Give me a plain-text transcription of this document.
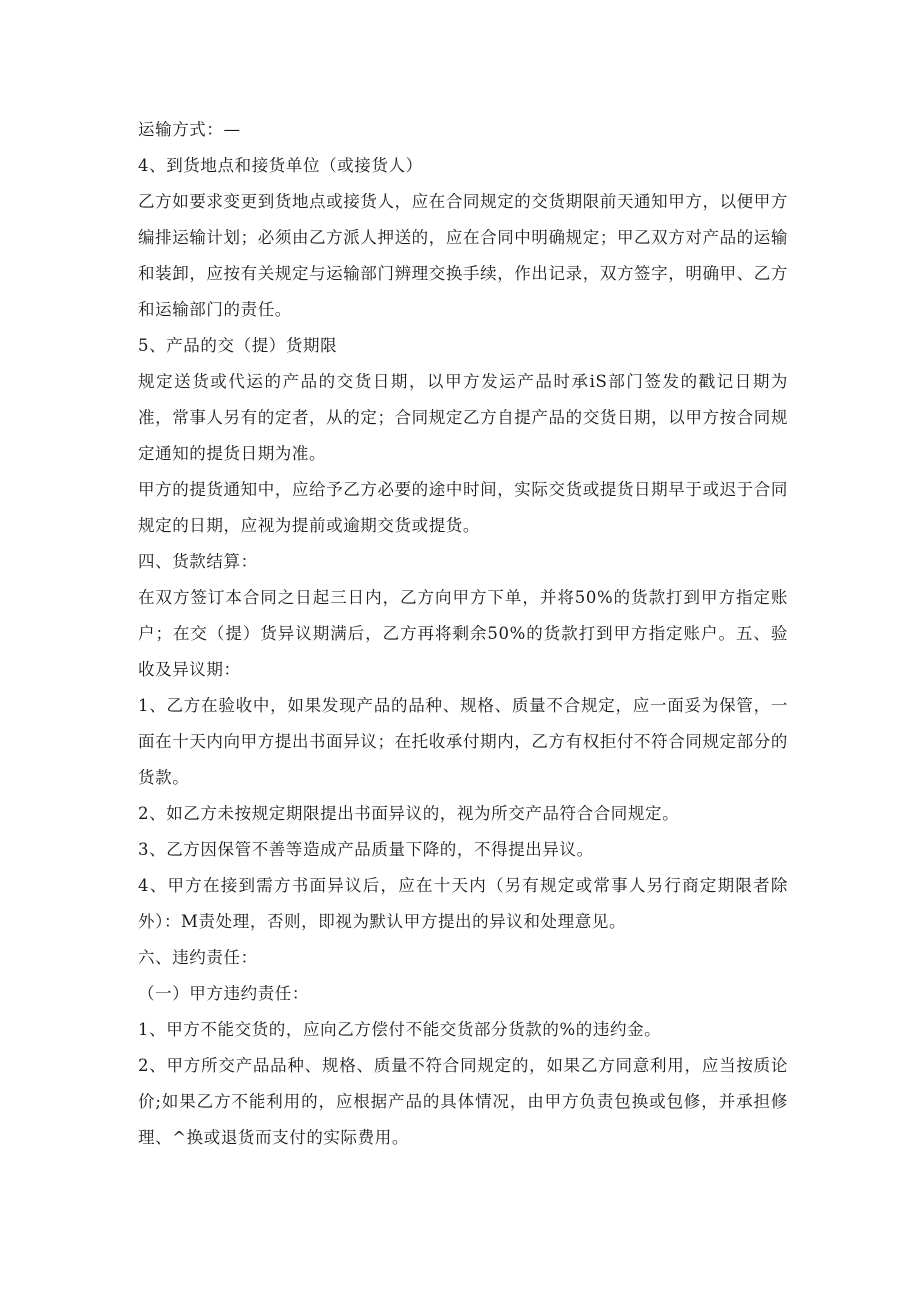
运输方式：—

4、到货地点和接货单位（或接货人）

乙方如要求变更到货地点或接货人，应在合同规定的交货期限前天通知甲方，以便甲方编排运输计划；必须由乙方派人押送的，应在合同中明确规定；甲乙双方对产品的运输和装卸，应按有关规定与运输部门辨理交换手续，作出记录，双方签字，明确甲、乙方和运输部门的责任。

5、产品的交（提）货期限

规定送货或代运的产品的交货日期，以甲方发运产品时承iS部门签发的戳记日期为准，常事人另有的定者，从的定；合同规定乙方自提产品的交货日期，以甲方按合同规定通知的提货日期为准。

甲方的提货通知中，应给予乙方必要的途中时间，实际交货或提货日期早于或迟于合同规定的日期，应视为提前或逾期交货或提货。

四、货款结算：

在双方签订本合同之日起三日内，乙方向甲方下单，并将50%的货款打到甲方指定账户；在交（提）货异议期满后，乙方再将剩余50%的货款打到甲方指定账户。五、验收及异议期：

1、乙方在验收中，如果发现产品的品种、规格、质量不合规定，应一面妥为保管，一面在十天内向甲方提出书面异议；在托收承付期内，乙方有权拒付不符合同规定部分的货款。

2、如乙方未按规定期限提出书面异议的，视为所交产品符合合同规定。

3、乙方因保管不善等造成产品质量下降的，不得提出异议。

4、甲方在接到需方书面异议后，应在十天内（另有规定或常事人另行商定期限者除外）：M责处理，否则，即视为默认甲方提出的异议和处理意见。

六、违约责任：

（一）甲方违约责任：

1、甲方不能交货的，应向乙方偿付不能交货部分货款的%的违约金。

2、甲方所交产品品种、规格、质量不符合同规定的，如果乙方同意利用，应当按质论价;如果乙方不能利用的，应根据产品的具体情况，由甲方负责包换或包修，并承担修理、^换或退货而支付的实际费用。
